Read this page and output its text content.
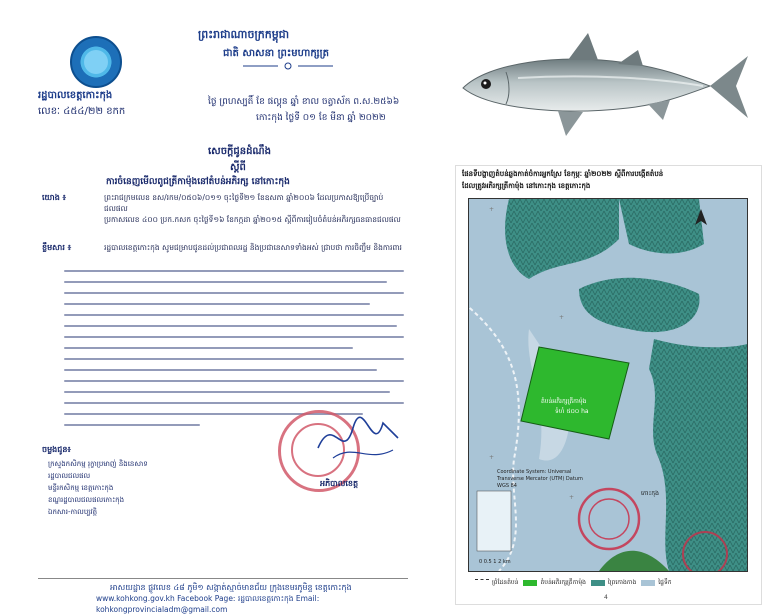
រដ្ឋបាលខេត្តកោះកុង
លេខៈ ៤៥៤/២២ ខកក
ព្រះរាជាណាចក្រកម្ពុជា
ជាតិ សាសនា ព្រះមហាក្សត្រ
ថ្ងៃ ព្រហស្បតិ៍ ខែ ផល្គុន ឆ្នាំ ខាល ចត្វាស័ក ព.ស.២៥៦៦
កោះកុង ថ្ងៃទី ០១ ខែ មីនា ឆ្នាំ ២០២២
សេចក្តីជូនដំណឹង
ស្តីពី
ការចំនេញមើលពូជត្រីកាម៉ុងនៅតំបន់អភិរក្ស នៅកោះកុង
យោង ៖	ព្រះរាជក្រមលេខ នស/រកម/០៥០៦/០១១ ចុះថ្ងៃទី២១ ខែឧសភា ឆ្នាំ២០០៦ ដែលប្រកាសឱ្យប្រើច្បាប់ជលផល
ប្រកាសលេខ ៤០០ ប្រក.កសក ចុះថ្ងៃទី១៦ ខែកក្កដា ឆ្នាំ២០១៥ ស្តីពីការរៀបចំតំបន់អភិរក្សធនធានជលផល
ខ្លឹមសារ ៖	រដ្ឋបាលខេត្តកោះកុង សូមជម្រាបជូនដល់ប្រជាពលរដ្ឋ និងប្រជានេសាទទាំងអស់ ជ្រាបថា ការចិញ្ចឹម និងការពារ
អភិបាលខេត្ត
ចម្លងជូន៖
ក្រសួងកសិកម្ម រុក្ខាប្រមាញ់ និងនេសាទ
រដ្ឋបាលជលផល
មន្ទីរកសិកម្ម ខេត្តកោះកុង
ខណ្ឌរដ្ឋបាលជលផលកោះកុង
ឯកសារ-កាលប្បវត្តិ
អាសយដ្ឋាន ផ្លូវលេខ ៤៨ ភូមិ១ សង្កាត់ស្មាច់មានជ័យ ក្រុងខេមរភូមិន្ទ ខេត្តកោះកុង
www.kohkong.gov.kh Facebook Page: រដ្ឋបាលខេត្តកោះកុង Email: kohkongprovincialadm@gmail.com
ផែនទីបង្ហាញតំបន់ឆ្លងកាត់ចំការអ្នកស្រែ ខែកុម្ភៈ ឆ្នាំ២០២២ ស្តីពីការបង្កើតតំបន់
ដែលត្រូវអភិរក្សត្រីកាម៉ុង នៅកោះកុង ខេត្តកោះកុង
+
+
+
+
តំបន់អភិរក្សត្រីកាម៉ុង
ទំហំ ៥០០ ha
កោះកុង
Coordinate System: Universal Transverse Mercator (UTM) Datum WGS 84
0 0.5 1 2 km
ព្រំដែនតំបន់	តំបន់អភិរក្សត្រីកាម៉ុង	ព្រៃកោងកាង	ផ្ទៃទឹក
4
